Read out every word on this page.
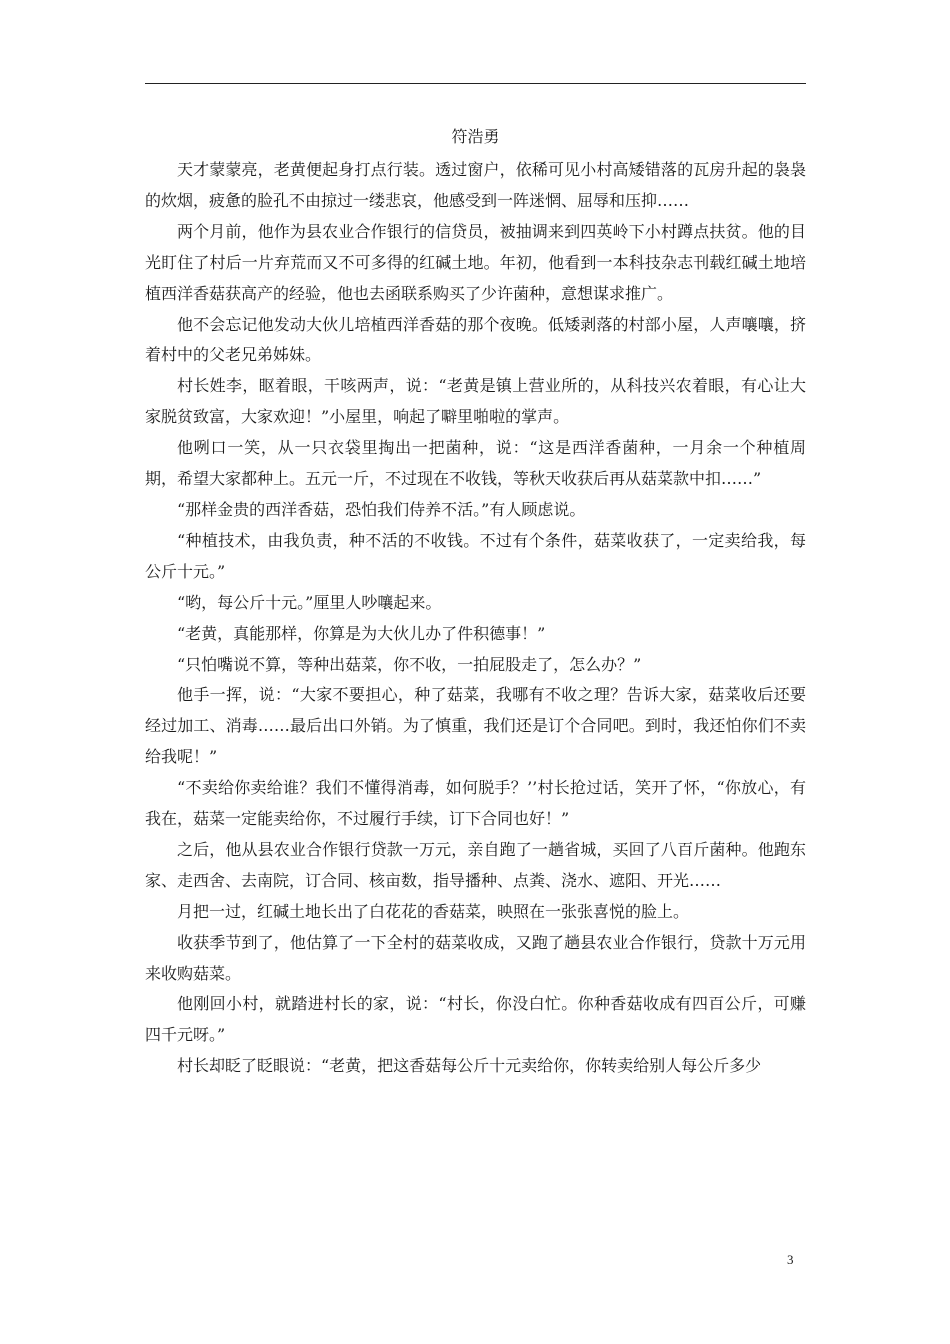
符浩勇

天才蒙蒙亮，老黄便起身打点行装。透过窗户，依稀可见小村高矮错落的瓦房升起的袅袅的炊烟，疲惫的脸孔不由掠过一缕悲哀，他感受到一阵迷惘、屈辱和压抑……

两个月前，他作为县农业合作银行的信贷员，被抽调来到四英岭下小村蹲点扶贫。他的目光盯住了村后一片弃荒而又不可多得的红碱土地。年初，他看到一本科技杂志刊载红碱土地培植西洋香菇获高产的经验，他也去函联系购买了少许菌种，意想谋求推广。

他不会忘记他发动大伙儿培植西洋香菇的那个夜晚。低矮剥落的村部小屋，人声嚷嚷，挤着村中的父老兄弟姊妹。

村长姓李，眍着眼，干咳两声，说：“老黄是镇上营业所的，从科技兴农着眼，有心让大家脱贫致富，大家欢迎！”小屋里，响起了噼里啪啦的掌声。

他咧口一笑，从一只衣袋里掏出一把菌种，说：“这是西洋香菌种，一月余一个种植周期，希望大家都种上。五元一斤，不过现在不收钱，等秋天收获后再从菇菜款中扣……”

“那样金贵的西洋香菇，恐怕我们侍养不活。”有人顾虑说。

“种植技术，由我负责，种不活的不收钱。不过有个条件，菇菜收获了，一定卖给我，每公斤十元。”

“哟，每公斤十元。”厘里人吵嚷起来。

“老黄，真能那样，你算是为大伙儿办了件积德事！”

“只怕嘴说不算，等种出菇菜，你不收，一拍屁股走了，怎么办？”

他手一挥，说：“大家不要担心，种了菇菜，我哪有不收之理？告诉大家，菇菜收后还要经过加工、消毒……最后出口外销。为了慎重，我们还是订个合同吧。到时，我还怕你们不卖给我呢！”

“不卖给你卖给谁？我们不懂得消毒，如何脱手？’’村长抢过话，笑开了怀，“你放心，有我在，菇菜一定能卖给你，不过履行手续，订下合同也好！”

之后，他从县农业合作银行贷款一万元，亲自跑了一趟省城，买回了八百斤菌种。他跑东家、走西舍、去南院，订合同、核亩数，指导播种、点粪、浇水、遮阳、开光……

月把一过，红碱土地长出了白花花的香菇菜，映照在一张张喜悦的脸上。

收获季节到了，他估算了一下全村的菇菜收成，又跑了趟县农业合作银行，贷款十万元用来收购菇菜。

他刚回小村，就踏进村长的家，说：“村长，你没白忙。你种香菇收成有四百公斤，可赚四千元呀。”

村长却眨了眨眼说：“老黄，把这香菇每公斤十元卖给你，你转卖给别人每公斤多少

3
